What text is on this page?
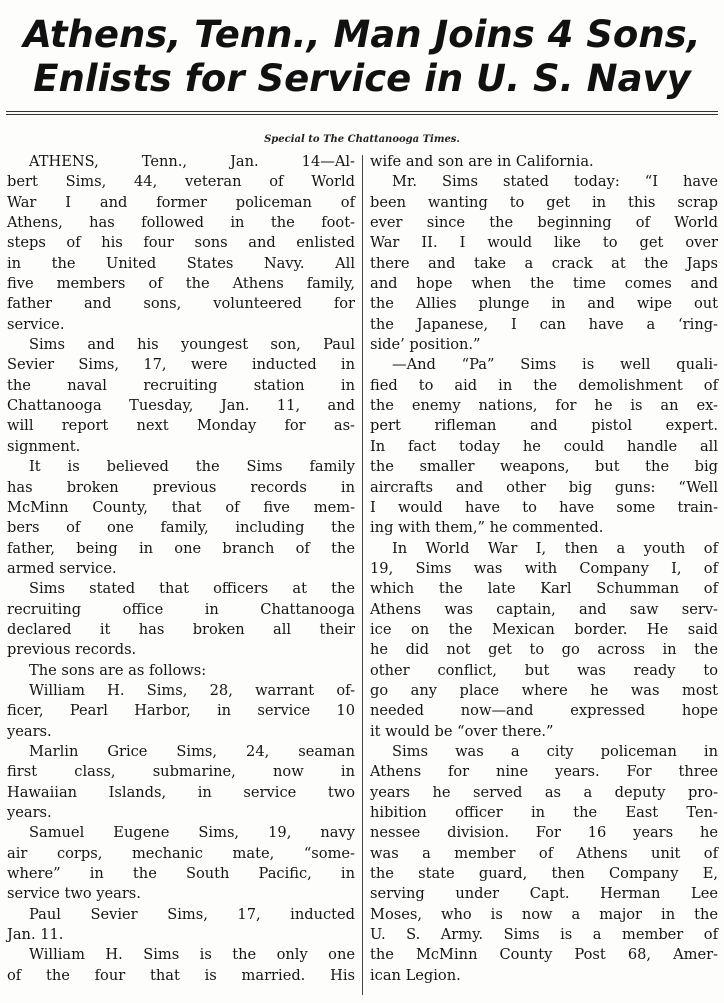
Athens, Tenn., Man Joins 4 Sons,
Enlists for Service in U. S. Navy
Special to The Chattanooga Times.
ATHENS, Tenn., Jan. 14—Al-
bert Sims, 44, veteran of World
War I and former policeman of
Athens, has followed in the foot-
steps of his four sons and enlisted
in the United States Navy. All
five members of the Athens family,
father and sons, volunteered for
service.
Sims and his youngest son, Paul
Sevier Sims, 17, were inducted in
the naval recruiting station in
Chattanooga Tuesday, Jan. 11, and
will report next Monday for as-
signment.
It is believed the Sims family
has broken previous records in
McMinn County, that of five mem-
bers of one family, including the
father, being in one branch of the
armed service.
Sims stated that officers at the
recruiting office in Chattanooga
declared it has broken all their
previous records.
The sons are as follows:
William H. Sims, 28, warrant of-
ficer, Pearl Harbor, in service 10
years.
Marlin Grice Sims, 24, seaman
first class, submarine, now in
Hawaiian Islands, in service two
years.
Samuel Eugene Sims, 19, navy
air corps, mechanic mate, “some-
where” in the South Pacific, in
service two years.
Paul Sevier Sims, 17, inducted
Jan. 11.
William H. Sims is the only one
of the four that is married. His
wife and son are in California.
Mr. Sims stated today: “I have
been wanting to get in this scrap
ever since the beginning of World
War II. I would like to get over
there and take a crack at the Japs
and hope when the time comes and
the Allies plunge in and wipe out
the Japanese, I can have a ‘ring-
side’ position.”
—And “Pa” Sims is well quali-
fied to aid in the demolishment of
the enemy nations, for he is an ex-
pert rifleman and pistol expert.
In fact today he could handle all
the smaller weapons, but the big
aircrafts and other big guns: “Well
I would have to have some train-
ing with them,” he commented.
In World War I, then a youth of
19, Sims was with Company I, of
which the late Karl Schumman of
Athens was captain, and saw serv-
ice on the Mexican border. He said
he did not get to go across in the
other conflict, but was ready to
go any place where he was most
needed now—and expressed hope
it would be “over there.”
Sims was a city policeman in
Athens for nine years. For three
years he served as a deputy pro-
hibition officer in the East Ten-
nessee division. For 16 years he
was a member of Athens unit of
the state guard, then Company E,
serving under Capt. Herman Lee
Moses, who is now a major in the
U. S. Army. Sims is a member of
the McMinn County Post 68, Amer-
ican Legion.
